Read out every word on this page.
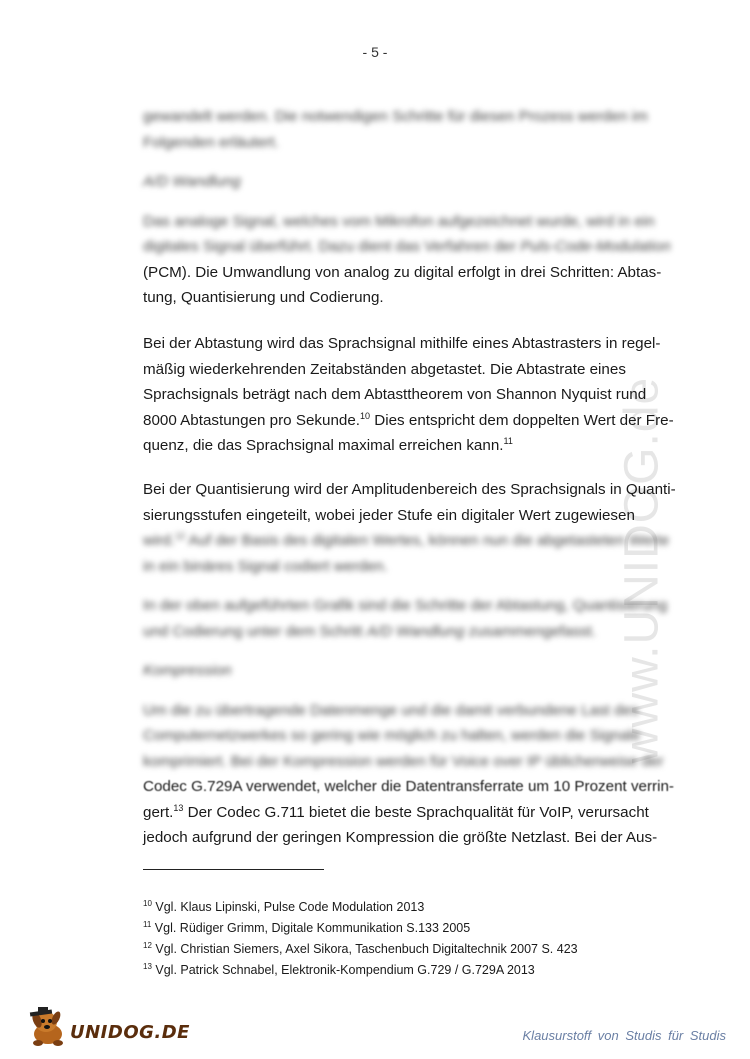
www.UNIDOG.de
- 5 -

gewandelt werden. Die notwendigen Schritte für diesen Prozess werden im

Folgenden erläutert.

A/D Wandlung

Das analoge Signal, welches vom Mikrofon aufgezeichnet wurde, wird in ein

digitales Signal überführt. Dazu dient das Verfahren der Puls-Code-Modulation

(PCM). Die Umwandlung von analog zu digital erfolgt in drei Schritten: Abtas-

tung, Quantisierung und Codierung.

Bei der Abtastung wird das Sprachsignal mithilfe eines Abtastrasters in regel-

mäßig wiederkehrenden Zeitabständen abgetastet. Die Abtastrate eines

Sprachsignals beträgt nach dem Abtasttheorem von Shannon Nyquist rund

8000 Abtastungen pro Sekunde.$^{10}$ Dies entspricht dem doppelten Wert der Fre-

quenz, die das Sprachsignal maximal erreichen kann.$^{11}$

Bei der Quantisierung wird der Amplitudenbereich des Sprachsignals in Quanti-

sierungsstufen eingeteilt, wobei jeder Stufe ein digitaler Wert zugewiesen

wird.$^{12}$ Auf der Basis des digitalen Wertes, können nun die abgetasteten Werte

in ein binäres Signal codiert werden.

In der oben aufgeführten Grafik sind die Schritte der Abtastung, Quantisierung

und Codierung unter dem Schritt A/D Wandlung zusammengefasst.

Kompression

Um die zu übertragende Datenmenge und die damit verbundene Last des

Computernetzwerkes so gering wie möglich zu halten, werden die Signale

komprimiert. Bei der Kompression werden für Voice over IP üblicherweise der

Codec G.729A verwendet, welcher die Datentransferrate um 10 Prozent verrin-

gert.$^{13}$ Der Codec G.711 bietet die beste Sprachqualität für VoIP, verursacht

jedoch aufgrund der geringen Kompression die größte Netzlast. Bei der Aus-

$^{10}$ Vgl. Klaus Lipinski, Pulse Code Modulation 2013
$^{11}$ Vgl. Rüdiger Grimm, Digitale Kommunikation S.133 2005
$^{12}$ Vgl. Christian Siemers, Axel Sikora, Taschenbuch Digitaltechnik 2007 S. 423
$^{13}$ Vgl. Patrick Schnabel, Elektronik-Kompendium G.729 / G.729A 2013
UNIDOG.DE	Klausurstoff von Studis für Studis
